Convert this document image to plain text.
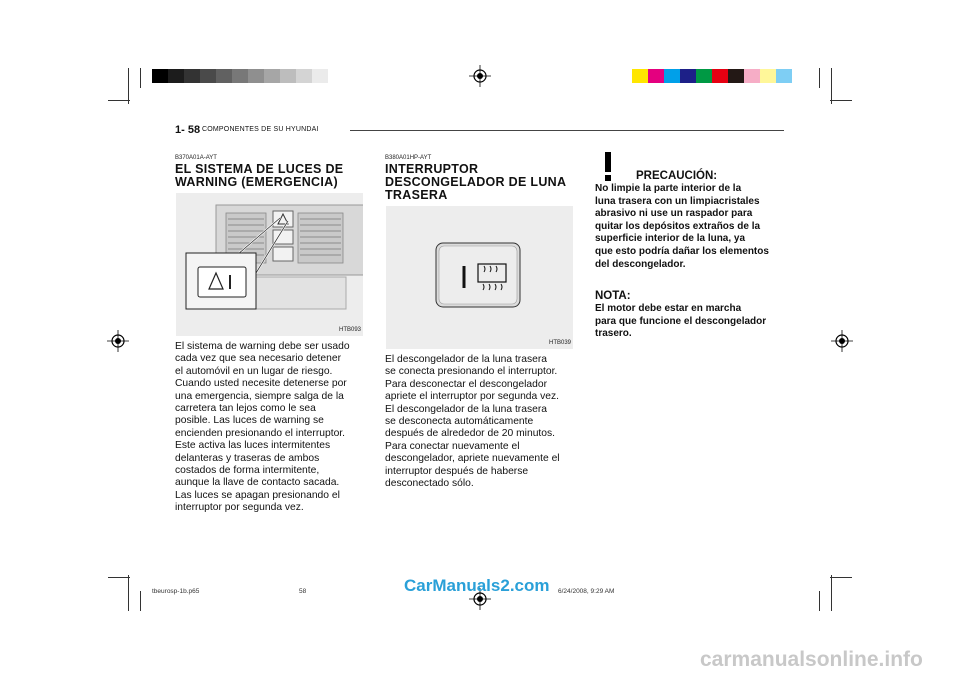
1- 58 COMPONENTES DE SU HYUNDAI
B370A01A-AYT
EL SISTEMA DE LUCES DE
WARNING (EMERGENCIA)
HTB093
El sistema de warning debe ser usado
cada vez que sea necesario detener
el automóvil en un lugar de riesgo.
Cuando usted necesite detenerse por
una emergencia, siempre salga de la
carretera tan lejos como le sea
posible. Las luces de warning se
encienden presionando el interruptor.
Este activa las luces intermitentes
delanteras y traseras de ambos
costados de forma intermitente,
aunque la llave de contacto sacada.
Las luces se apagan presionando el
interruptor por segunda vez.
B380A01HP-AYT
INTERRUPTOR
DESCONGELADOR DE LUNA
TRASERA
HTB039
El descongelador de la luna trasera
se conecta presionando el interruptor.
Para desconectar el descongelador
apriete el interruptor por segunda vez.
El descongelador de la luna trasera
se desconecta automáticamente
después de alrededor de 20 minutos.
Para conectar nuevamente el
descongelador, apriete nuevamente el
interruptor después de haberse
desconectado sólo.
PRECAUCIÓN:
No limpie la parte interior de la
luna trasera con un limpiacristales
abrasivo ni use un raspador para
quitar los depósitos extraños de la
superficie interior de la luna, ya
que esto podría dañar los elementos
del descongelador.
NOTA:
El motor debe estar en marcha
para que funcione el descongelador
trasero.
tbeurosp-1b.p65	58	6/24/2008, 9:29 AM
CarManuals2.com
carmanualsonline.info
